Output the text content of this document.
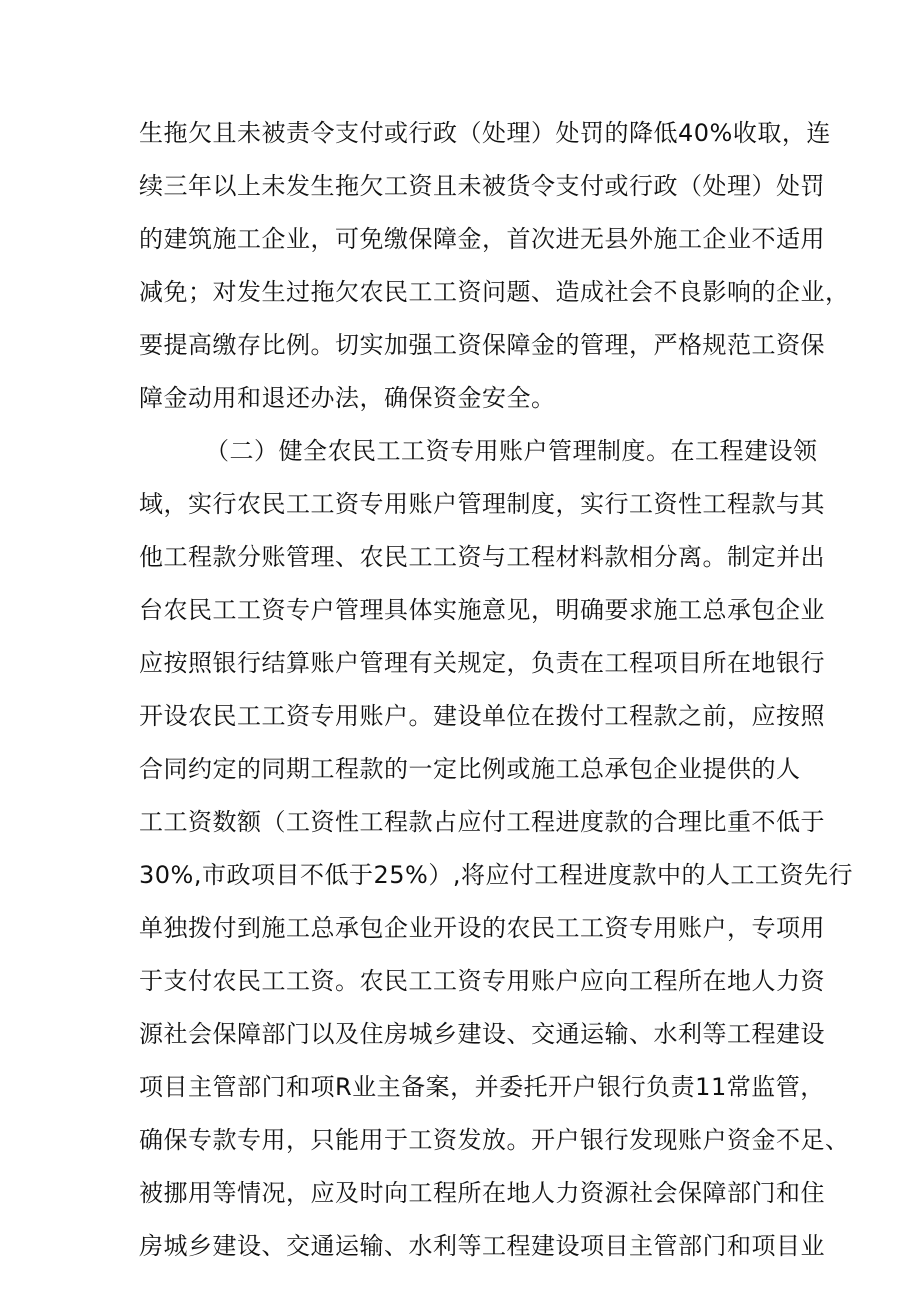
生拖欠且未被责令支付或行政（处理）处罚的降低40%收取，连
续三年以上未发生拖欠工资且未被货令支付或行政（处理）处罚
的建筑施工企业，可免缴保障金，首次进无县外施工企业不适用
减免；对发生过拖欠农民工工资问题、造成社会不良影响的企业，
要提高缴存比例。切实加强工资保障金的管理，严格规范工资保
障金动用和退还办法，确保资金安全。
（二）健全农民工工资专用账户管理制度。在工程建设领
域，实行农民工工资专用账户管理制度，实行工资性工程款与其
他工程款分账管理、农民工工资与工程材料款相分离。制定并出
台农民工工资专户管理具体实施意见，明确要求施工总承包企业
应按照银行结算账户管理有关规定，负责在工程项目所在地银行
开设农民工工资专用账户。建设单位在拨付工程款之前，应按照
合同约定的同期工程款的一定比例或施工总承包企业提供的人
工工资数额（工资性工程款占应付工程进度款的合理比重不低于
30%,市政项目不低于25%）,将应付工程进度款中的人工工资先行
单独拨付到施工总承包企业开设的农民工工资专用账户，专项用
于支付农民工工资。农民工工资专用账户应向工程所在地人力资
源社会保障部门以及住房城乡建设、交通运输、水利等工程建设
项目主管部门和项R业主备案，并委托开户银行负责11常监管，
确保专款专用，只能用于工资发放。开户银行发现账户资金不足、
被挪用等情况，应及时向工程所在地人力资源社会保障部门和住
房城乡建设、交通运输、水利等工程建设项目主管部门和项目业
